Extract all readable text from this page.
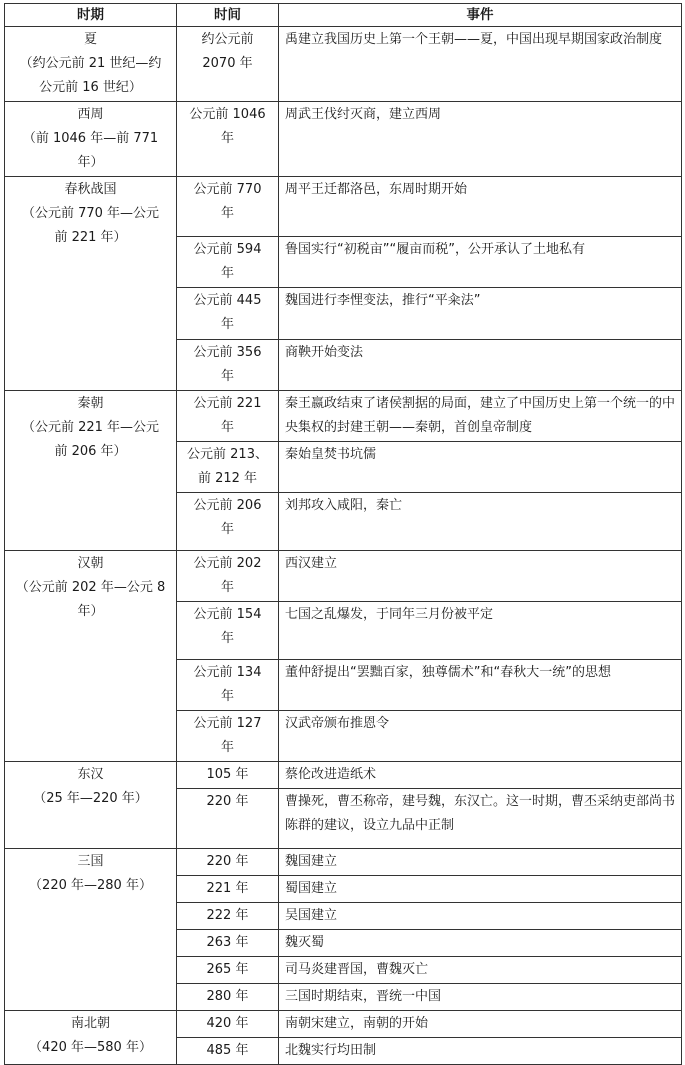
时期	时间	事件

夏
（约公元前 21 世纪—约
公元前 16 世纪）	约公元前
2070 年	禹建立我国历史上第一个王朝——夏，中国出现早期国家政治制度

西周
（前 1046 年—前 771
年）	公元前 1046
年	周武王伐纣灭商，建立西周

春秋战国
（公元前 770 年—公元
前 221 年）	公元前 770
年	周平王迁都洛邑，东周时期开始

	公元前 594
年	鲁国实行“初税亩”“履亩而税”，公开承认了土地私有

	公元前 445
年	魏国进行李悝变法，推行“平籴法”

	公元前 356
年	商鞅开始变法

秦朝
（公元前 221 年—公元
前 206 年）	公元前 221
年	秦王嬴政结束了诸侯割据的局面，建立了中国历史上第一个统一的中央集权的封建王朝——秦朝，首创皇帝制度

	公元前 213、
前 212 年	秦始皇焚书坑儒

	公元前 206
年	刘邦攻入咸阳，秦亡

汉朝
（公元前 202 年—公元 8
年）	公元前 202
年	西汉建立

	公元前 154
年	七国之乱爆发，于同年三月份被平定

	公元前 134
年	董仲舒提出“罢黜百家，独尊儒术”和“春秋大一统”的思想

	公元前 127
年	汉武帝颁布推恩令

东汉
（25 年—220 年）	105 年	蔡伦改进造纸术

	220 年	曹操死，曹丕称帝，建号魏，东汉亡。这一时期，曹丕采纳吏部尚书陈群的建议，设立九品中正制

三国
（220 年—280 年）	220 年	魏国建立

	221 年	蜀国建立

	222 年	吴国建立

	263 年	魏灭蜀

	265 年	司马炎建晋国，曹魏灭亡

	280 年	三国时期结束，晋统一中国

南北朝
（420 年—580 年）	420 年	南朝宋建立，南朝的开始

	485 年	北魏实行均田制
